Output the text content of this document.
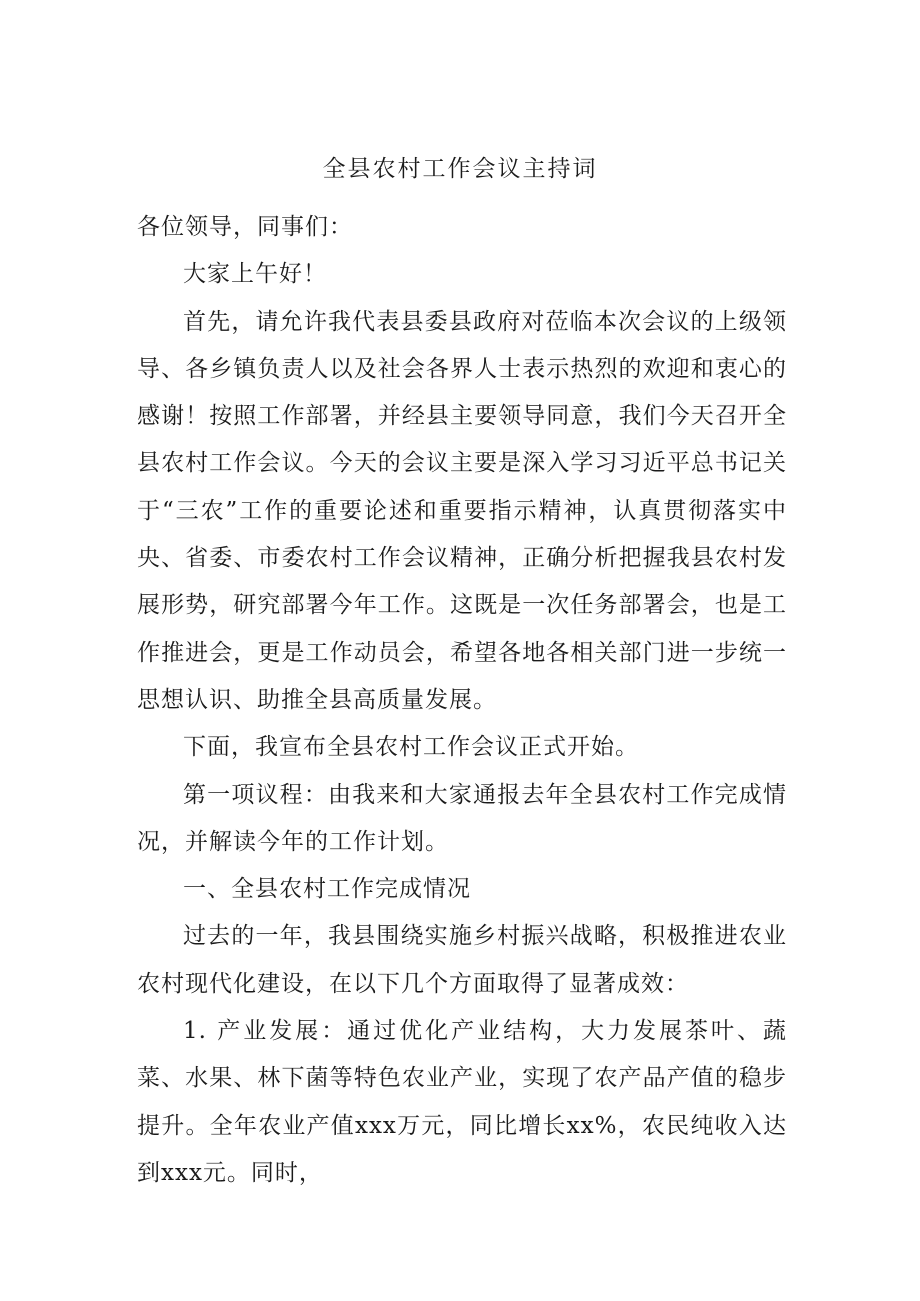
全县农村工作会议主持词

各位领导，同事们：

大家上午好！

首先，请允许我代表县委县政府对莅临本次会议的上级领导、各乡镇负责人以及社会各界人士表示热烈的欢迎和衷心的感谢！按照工作部署，并经县主要领导同意，我们今天召开全县农村工作会议。今天的会议主要是深入学习习近平总书记关于“三农”工作的重要论述和重要指示精神，认真贯彻落实中央、省委、市委农村工作会议精神，正确分析把握我县农村发展形势，研究部署今年工作。这既是一次任务部署会，也是工作推进会，更是工作动员会，希望各地各相关部门进一步统一思想认识、助推全县高质量发展。

下面，我宣布全县农村工作会议正式开始。

第一项议程：由我来和大家通报去年全县农村工作完成情况，并解读今年的工作计划。

一、全县农村工作完成情况

过去的一年，我县围绕实施乡村振兴战略，积极推进农业农村现代化建设，在以下几个方面取得了显著成效：

1. 产业发展：通过优化产业结构，大力发展茶叶、蔬菜、水果、林下菌等特色农业产业，实现了农产品产值的稳步提升。全年农业产值xxx万元，同比增长xx%，农民纯收入达到xxx元。同时，
